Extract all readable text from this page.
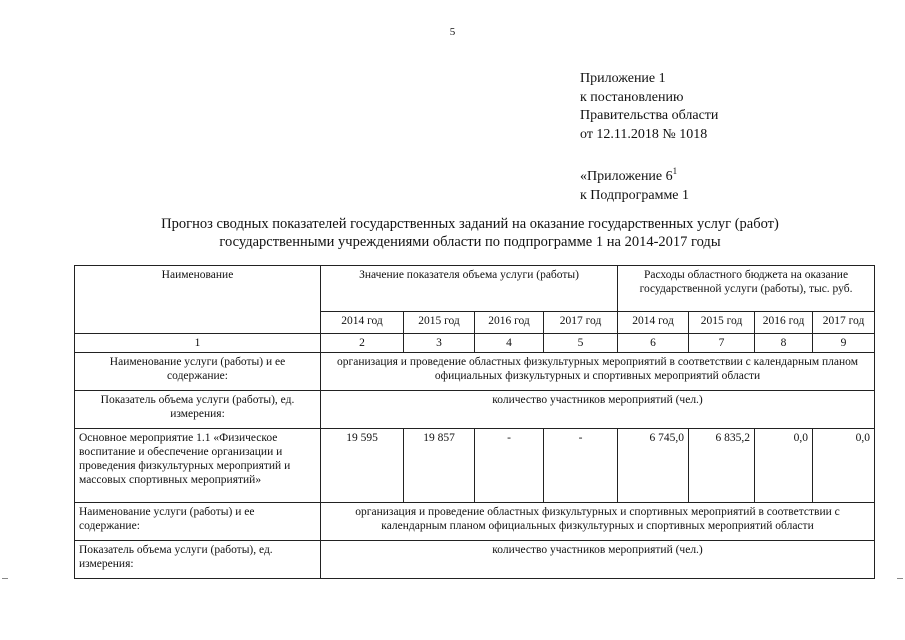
5
Приложение 1
к постановлению
Правительства области
от 12.11.2018 № 1018
«Приложение $6^1$
к Подпрограмме 1
Прогноз сводных показателей государственных заданий на оказание государственных услуг (работ)
государственными учреждениями области по подпрограмме 1 на 2014-2017 годы
Наименование	Значение показателя объема услуги (работы)				Расходы областного бюджета на оказание государственной услуги (работы), тыс. руб.			
	2014 год	2015 год	2016 год	2017 год	2014 год	2015 год	2016 год	2017 год
1	2	3	4	5	6	7	8	9
Наименование услуги (работы) и ее содержание:	организация и проведение областных физкультурных мероприятий в соответствии с календарным планом официальных физкультурных и спортивных мероприятий области							
Показатель объема услуги (работы), ед. измерения:	количество участников мероприятий (чел.)							
Основное мероприятие 1.1 «Физическое воспитание и обеспечение организации и проведения физкультурных мероприятий и массовых спортивных мероприятий»	19 595	19 857	-	-	6 745,0	6 835,2	0,0	0,0
Наименование услуги (работы) и ее содержание:	организация и проведение областных физкультурных и спортивных мероприятий в соответствии с календарным планом официальных физкультурных и спортивных мероприятий области							
Показатель объема услуги (работы), ед. измерения:	количество участников мероприятий (чел.)							
